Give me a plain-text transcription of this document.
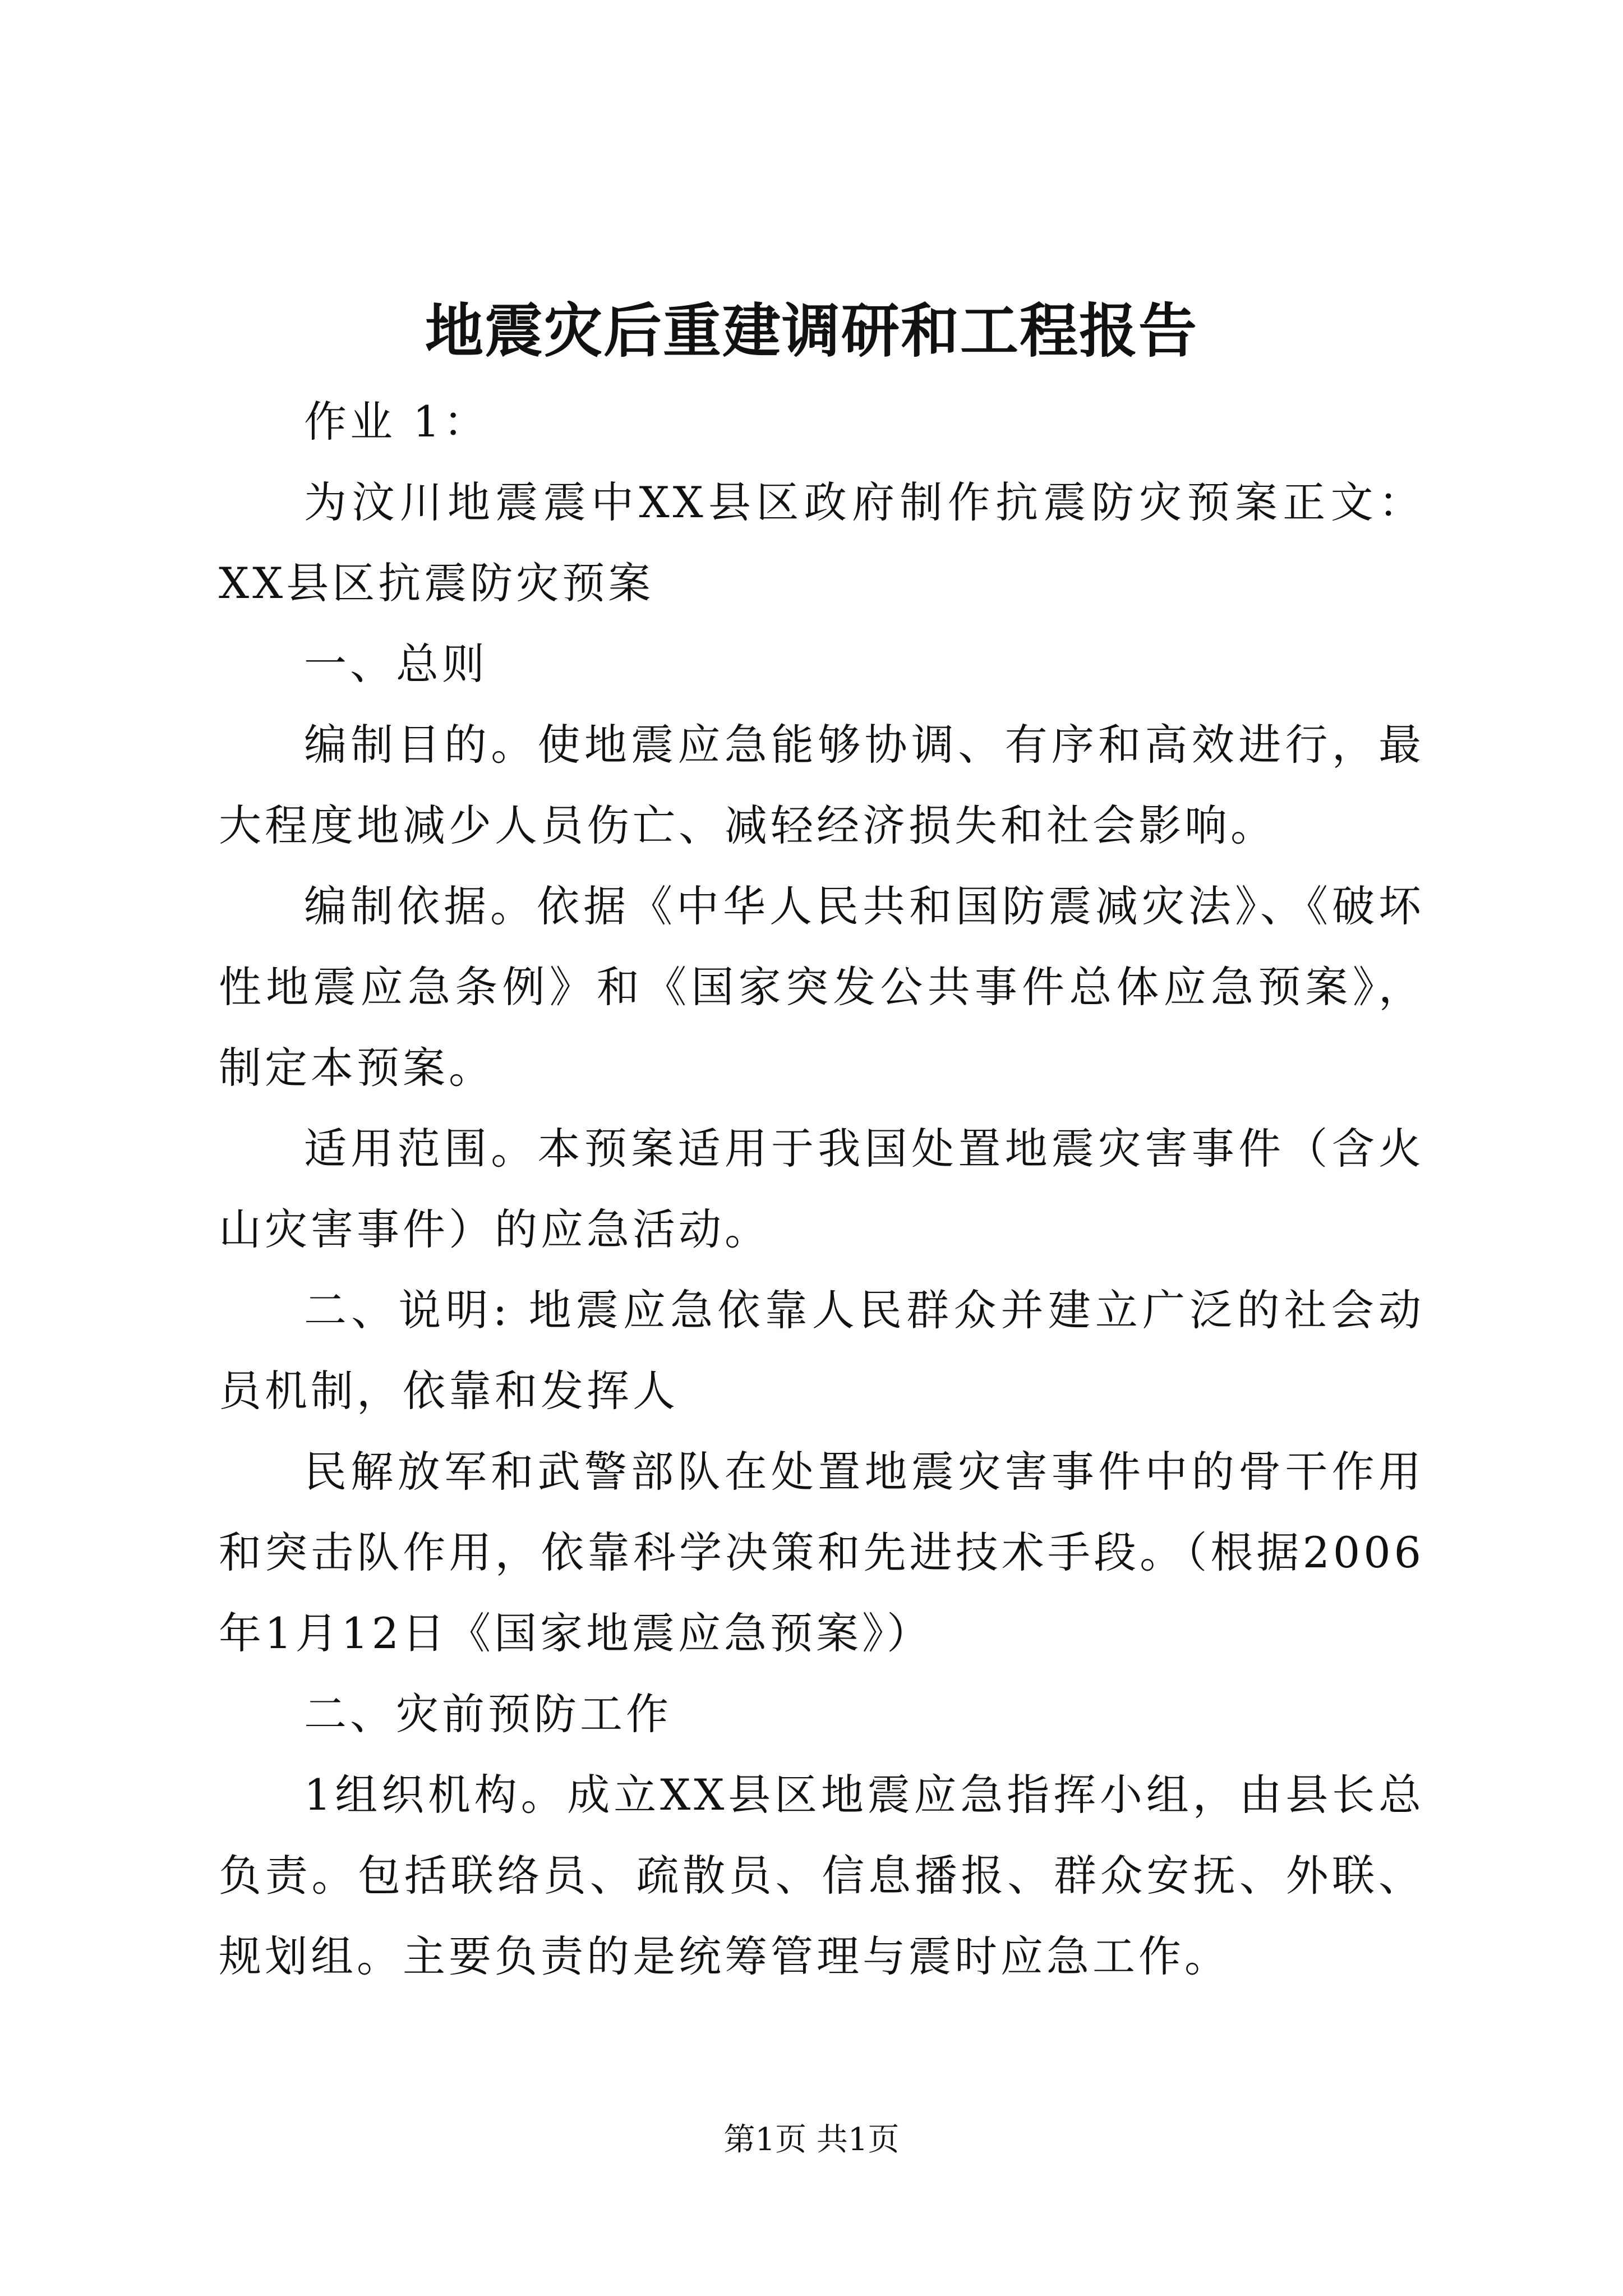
地震灾后重建调研和工程报告

作业 1：

为汶川地震震中XX县区政府制作抗震防灾预案正文：XX县区抗震防灾预案

一、总则

编制目的。使地震应急能够协调、有序和高效进行，最大程度地减少人员伤亡、减轻经济损失和社会影响。

编制依据。依据《中华人民共和国防震减灾法》、《破坏性地震应急条例》和《国家突发公共事件总体应急预案》，制定本预案。

适用范围。本预案适用于我国处置地震灾害事件（含火山灾害事件）的应急活动。

二、说明: 地震应急依靠人民群众并建立广泛的社会动员机制，依靠和发挥人

民解放军和武警部队在处置地震灾害事件中的骨干作用和突击队作用，依靠科学决策和先进技术手段。（根据2006年1月12日《国家地震应急预案》）

二、灾前预防工作

1组织机构。成立XX县区地震应急指挥小组，由县长总负责。包括联络员、疏散员、信息播报、群众安抚、外联、规划组。主要负责的是统筹管理与震时应急工作。

第1页 共1页
